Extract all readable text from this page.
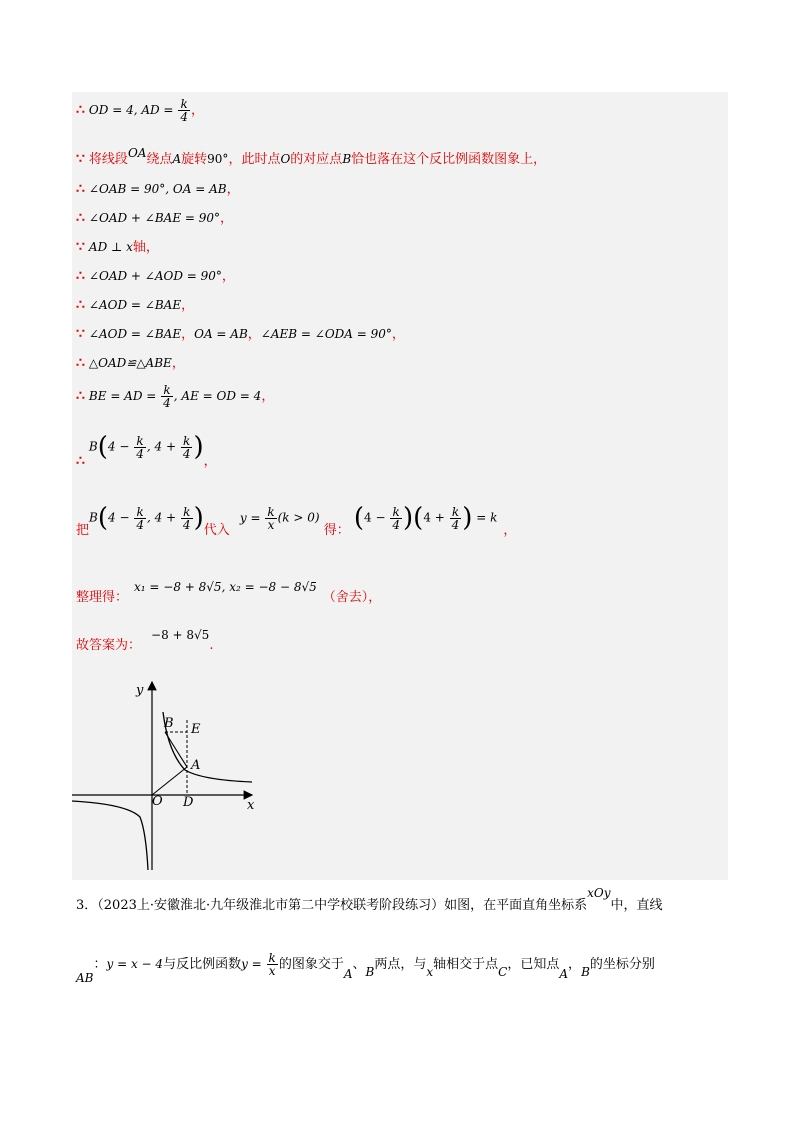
∴ OD = 4, AD = $\frac{k}{4}$ ，
∵ 将线段OA绕点A旋转90°，此时点O的对应点B恰也落在这个反比例函数图象上，
∴ ∠OAB = 90°, OA = AB，
∴ ∠OAD + ∠BAE = 90°，
∵ AD ⊥ x轴，
∴ ∠OAD + ∠AOD = 90°，
∴ ∠AOD = ∠BAE，
∵ ∠AOD = ∠BAE，OA = AB，∠AEB = ∠ODA = 90°，
∴ △OAD≌△ABE，
∴ BE = AD = $\frac{k}{4}$ , AE = OD = 4，
∴B(4 − $\frac{k}{4}$ , $4 + \frac{k}{4}$ )，
把$B(4 - \frac{k}{4}$ , $4 + \frac{k}{4}$ )代入 $y = \frac{k}{x} (k > 0)$ 得： $(4 - \frac{k}{4} )(4 + \frac{k}{4}$ ) = k，
整理得：x₁ = −8 + 8√5, x₂ = −8 − 8√5（舍去），
故答案为：−8 + 8√5.
y
x
O
B E
A
D
3．（2023上·安徽淮北·九年级淮北市第二中学校联考阶段练习）如图，在平面直角坐标系xOy中，直线
AB：y = x − 4与反比例函数$y = \frac{k}{x}$ 的图象交于A、B两点，与x轴相交于点C，已知点A，B的坐标分别
